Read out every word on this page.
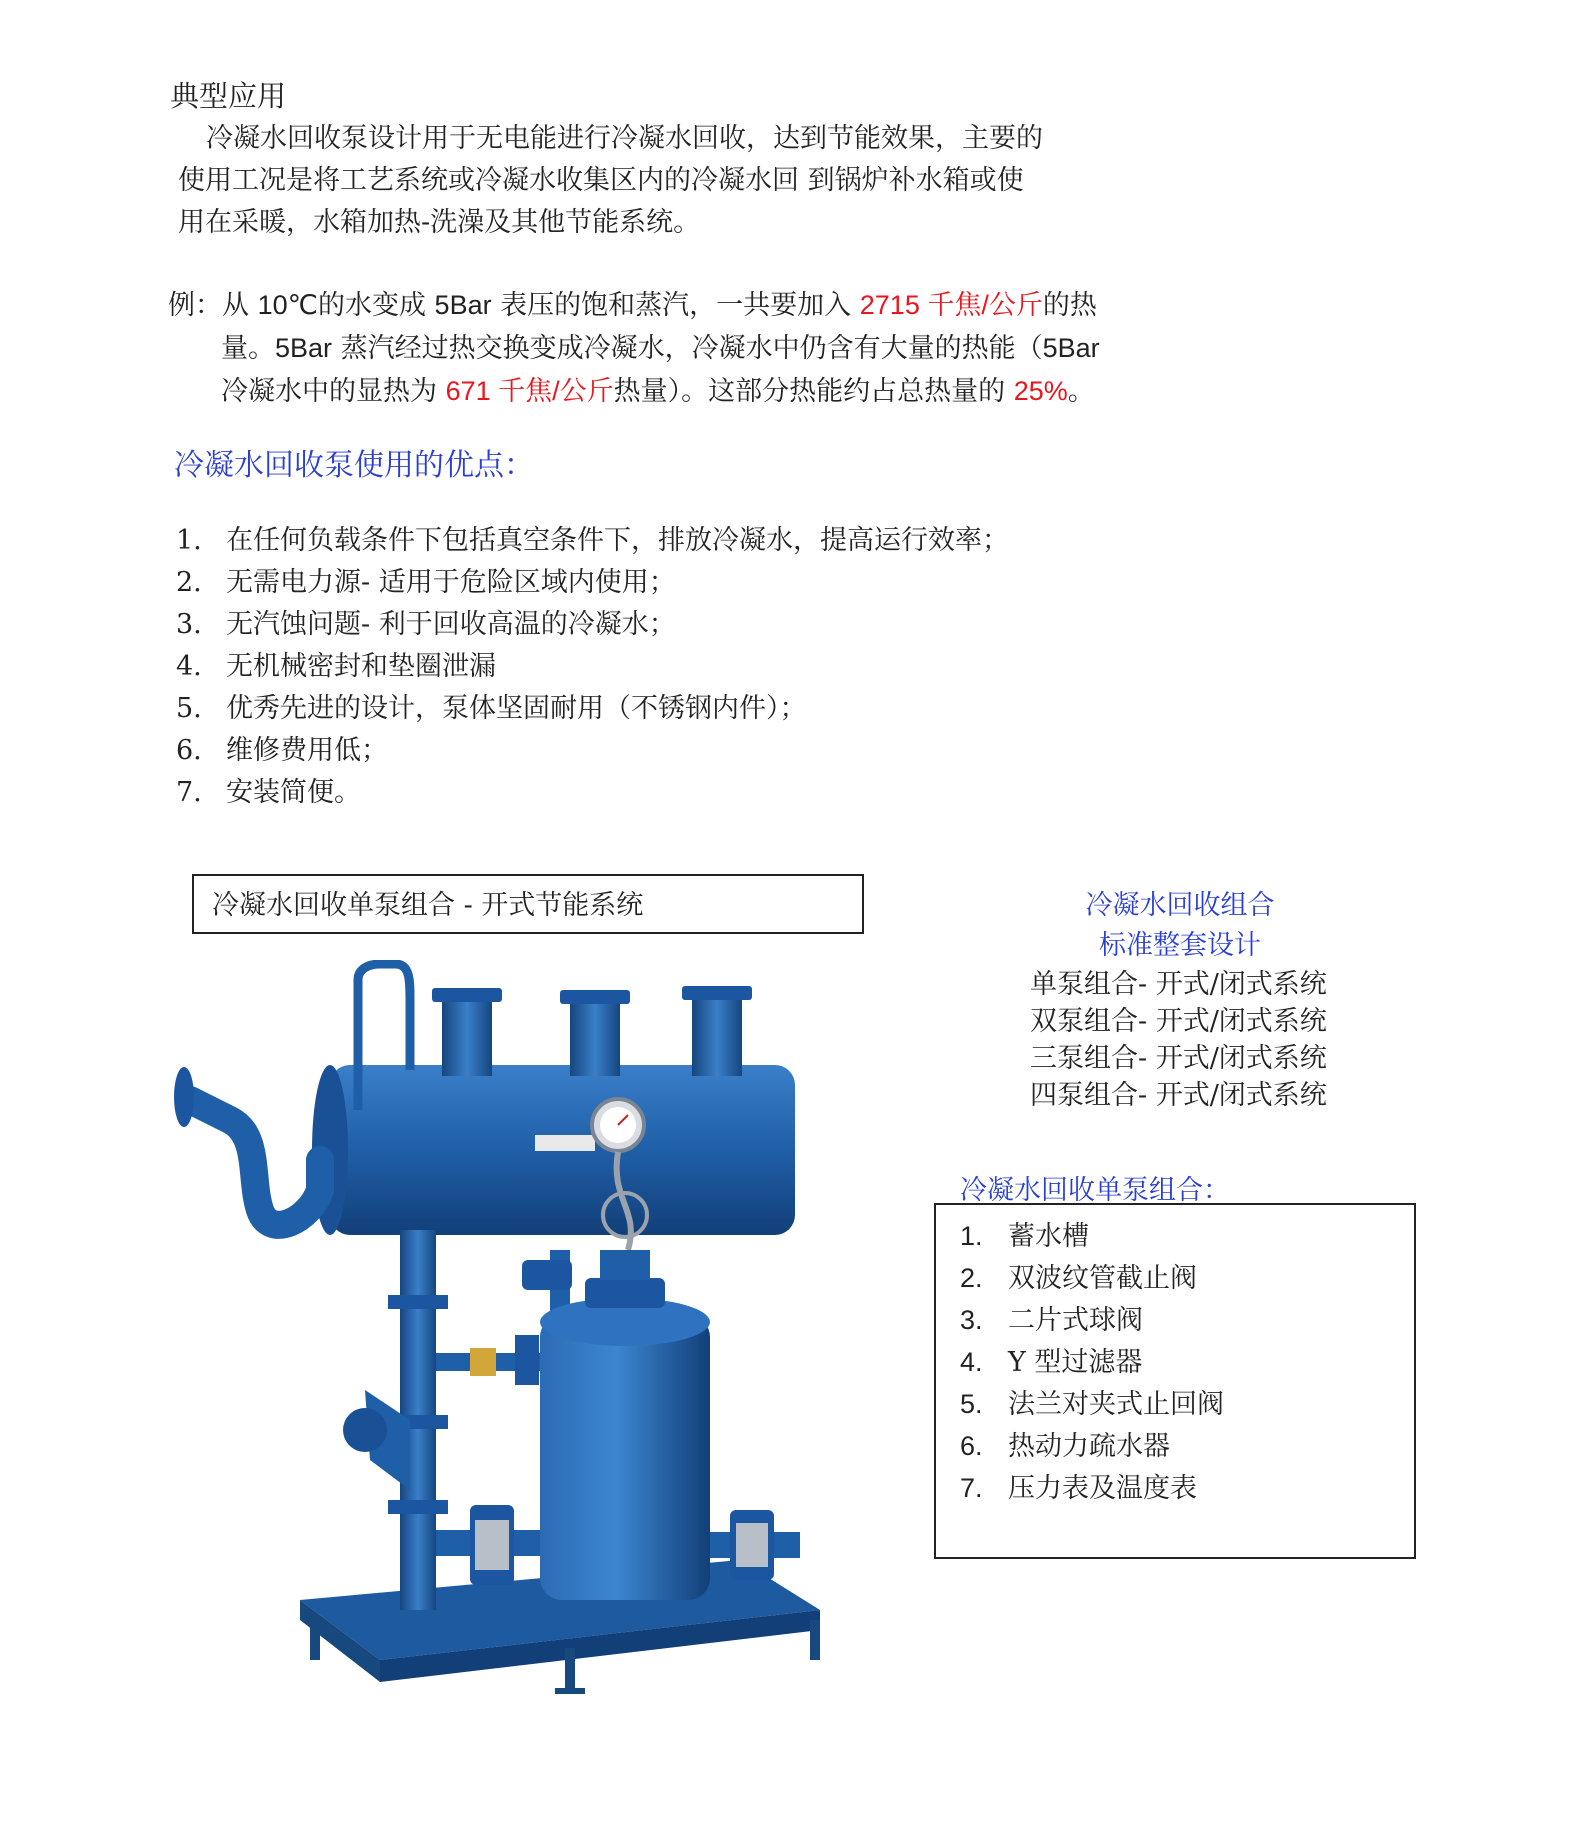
典型应用
冷凝水回收泵设计用于无电能进行冷凝水回收，达到节能效果，主要的
使用工况是将工艺系统或冷凝水收集区内的冷凝水回 到锅炉补水箱或使
用在采暖，水箱加热-洗澡及其他节能系统。
例：从 10℃的水变成 5Bar 表压的饱和蒸汽，一共要加入 2715 千焦/公斤的热
量。5Bar 蒸汽经过热交换变成冷凝水，冷凝水中仍含有大量的热能（5Bar
冷凝水中的显热为 671 千焦/公斤热量）。这部分热能约占总热量的 25%。
冷凝水回收泵使用的优点：
1. 在任何负载条件下包括真空条件下，排放冷凝水，提高运行效率；
2. 无需电力源- 适用于危险区域内使用；
3. 无汽蚀问题- 利于回收高温的冷凝水；
4. 无机械密封和垫圈泄漏
5. 优秀先进的设计，泵体坚固耐用（不锈钢内件）；
6. 维修费用低；
7. 安装简便。
冷凝水回收单泵组合 - 开式节能系统	冷凝水回收组合
标准整套设计
单泵组合- 开式/闭式系统
双泵组合- 开式/闭式系统
三泵组合- 开式/闭式系统
四泵组合- 开式/闭式系统
冷凝水回收单泵组合：
1. 蓄水槽
2. 双波纹管截止阀
3. 二片式球阀
4. Y 型过滤器
5. 法兰对夹式止回阀
6. 热动力疏水器
7. 压力表及温度表
